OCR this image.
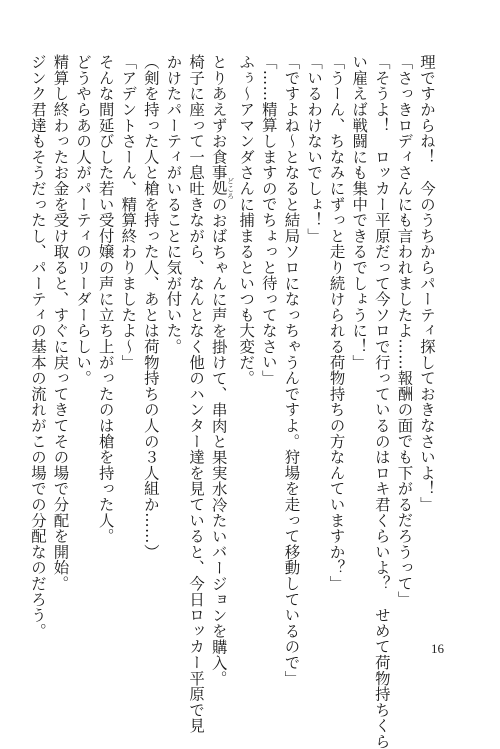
理ですからね！　今のうちからパーティ探しておきなさいよ！」
「さっきロディさんにも言われましたよ……報酬の面でも下がるだろうって」
「そうよ！　ロッカー平原だって今ソロで行っているのはロキ君くらいよ？　せめて荷物持ちくら
い雇えば戦闘にも集中できるでしょうに！」
「うーん、ちなみにずっと走り続けられる荷物持ちの方なんていますか？」
「いるわけないでしょ！」
「ですよね～となると結局ソロになっちゃうんですよ。狩場を走って移動しているので」
「……精算しますのでちょっと待ってなさい」
ふぅ～アマンダさんに捕まるといつも大変だ。
とりあえずお食事処 どころのおばちゃんに声を掛けて、串肉と果実水冷たいバージョンを購入。
椅子に座って一息吐きながら、なんとなく他のハンター達を見ていると、今日ロッカー平原で見
かけたパーティがいることに気が付いた。
（剣を持った人と槍を持った人、あとは荷物持ちの人の３人組か……）
「アデントさーん、精算終わりましたよ～」
そんな間延びした若い受付嬢の声に立ち上がったのは槍を持った人。
どうやらあの人がパーティのリーダーらしい。
精算し終わったお金を受け取ると、すぐに戻ってきてその場で分配を開始。
ジンク君達もそうだったし、パーティの基本の流れがこの場での分配なのだろう。
16
